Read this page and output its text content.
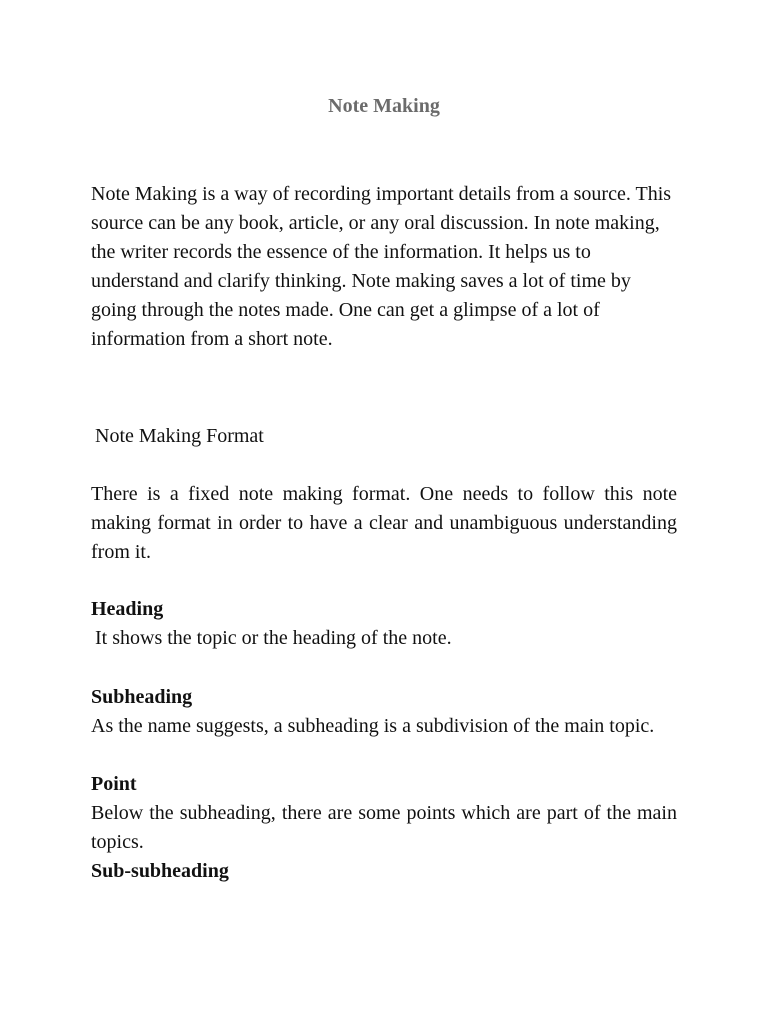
Note Making

Note Making is a way of recording important details from a source. This source can be any book, article, or any oral discussion. In note making, the writer records the essence of the information. It helps us to understand and clarify thinking. Note making saves a lot of time by going through the notes made. One can get a glimpse of a lot of information from a short note.

Note Making Format

There is a fixed note making format. One needs to follow this note making format in order to have a clear and unambiguous understanding from it.

Heading

It shows the topic or the heading of the note.

Subheading

As the name suggests, a subheading is a subdivision of the main topic.

Point

Below the subheading, there are some points which are part of the main topics.

Sub-subheading
